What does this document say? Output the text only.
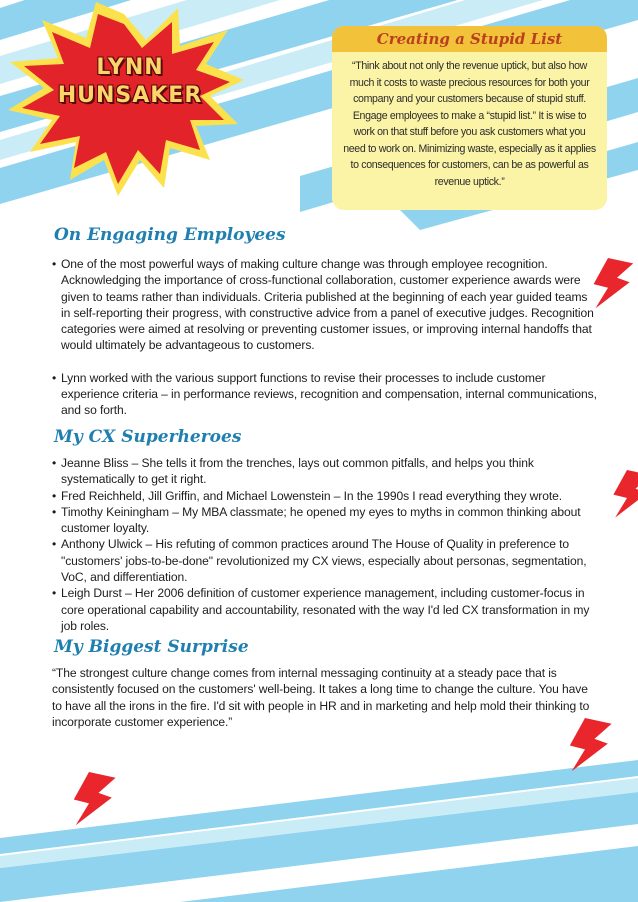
LYNN
HUNSAKER
Creating a Stupid List
“Think about not only the revenue uptick, but also how much it costs to waste precious resources for both your company and your customers because of stupid stuff. Engage employees to make a “stupid list.” It is wise to work on that stuff before you ask customers what you need to work on. Minimizing waste, especially as it applies to consequences for customers, can be as powerful as revenue uptick.”
On Engaging Employees
• One of the most powerful ways of making culture change was through employee recognition. Acknowledging the importance of cross-functional collaboration, customer experience awards were given to teams rather than individuals. Criteria published at the beginning of each year guided teams in self-reporting their progress, with constructive advice from a panel of executive judges. Recognition categories were aimed at resolving or preventing customer issues, or improving internal handoffs that would ultimately be advantageous to customers.
• Lynn worked with the various support functions to revise their processes to include customer experience criteria – in performance reviews, recognition and compensation, internal communications, and so forth.
My CX Superheroes
• Jeanne Bliss – She tells it from the trenches, lays out common pitfalls, and helps you think systematically to get it right.
• Fred Reichheld, Jill Griffin, and Michael Lowenstein – In the 1990s I read everything they wrote.
• Timothy Keiningham – My MBA classmate; he opened my eyes to myths in common thinking about customer loyalty.
• Anthony Ulwick – His refuting of common practices around The House of Quality in preference to "customers' jobs-to-be-done" revolutionized my CX views, especially about personas, segmentation, VoC, and differentiation.
• Leigh Durst – Her 2006 definition of customer experience management, including customer-focus in core operational capability and accountability, resonated with the way I'd led CX transformation in my job roles.
My Biggest Surprise

“The strongest culture change comes from internal messaging continuity at a steady pace that is consistently focused on the customers' well-being. It takes a long time to change the culture. You have to have all the irons in the fire. I'd sit with people in HR and in marketing and help mold their thinking to incorporate customer experience.”
